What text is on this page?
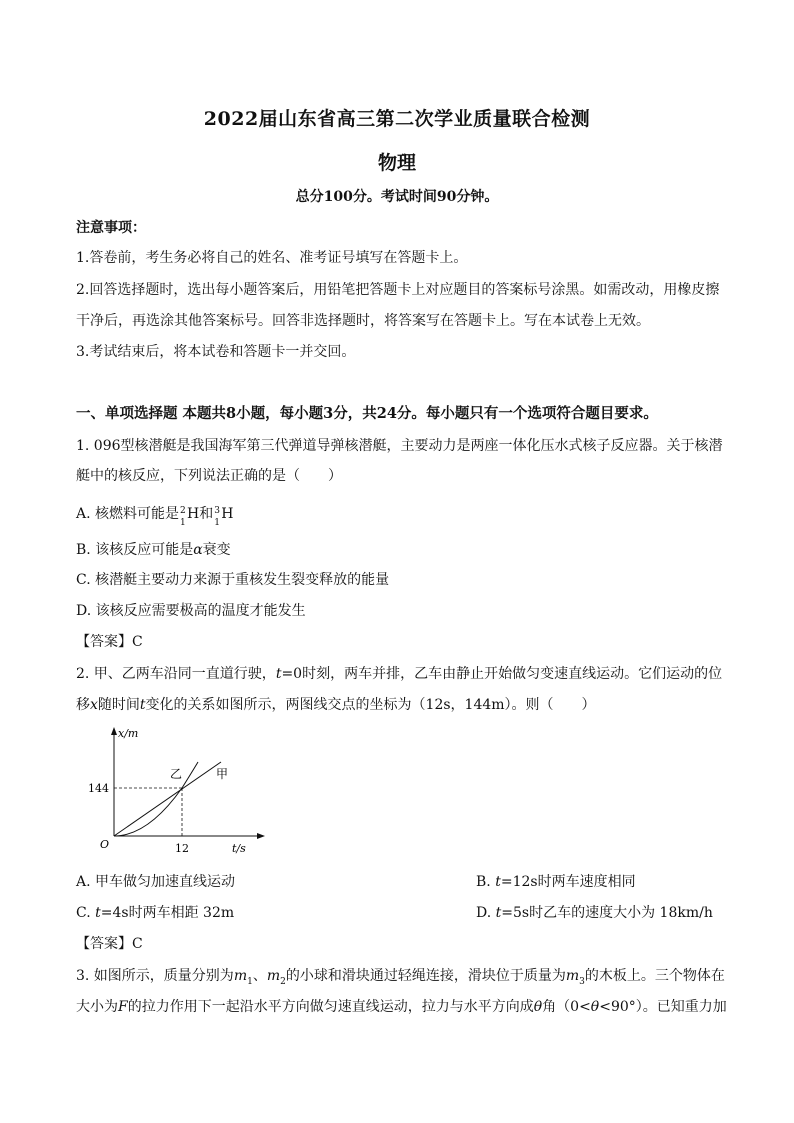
2022届山东省高三第二次学业质量联合检测
物理
总分100分。考试时间90分钟。
注意事项：
1.答卷前，考生务必将自己的姓名、准考证号填写在答题卡上。
2.回答选择题时，选出每小题答案后，用铅笔把答题卡上对应题目的答案标号涂黑。如需改动，用橡皮擦
干净后，再选涂其他答案标号。回答非选择题时，将答案写在答题卡上。写在本试卷上无效。
3.考试结束后，将本试卷和答题卡一并交回。
一、单项选择题 本题共8小题，每小题3分，共24分。每小题只有一个选项符合题目要求。
1. 096型核潜艇是我国海军第三代弹道导弹核潜艇，主要动力是两座一体化压水式核子反应器。关于核潜
艇中的核反应，下列说法正确的是（　　）
A. 核燃料可能是 2
1
H和 3
1
H
B. 该核反应可能是α衰变
C. 核潜艇主要动力来源于重核发生裂变释放的能量
D. 该核反应需要极高的温度才能发生
【答案】C
2. 甲、乙两车沿同一直道行驶，t=0时刻，两车并排，乙车由静止开始做匀变速直线运动。它们运动的位
移x随时间t变化的关系如图所示，两图线交点的坐标为（12s，144m）。则（　　）
x/m
t/s
O
144
12
乙	甲
A. 甲车做匀加速直线运动	B. t=12s时两车速度相同
C. t=4s时两车相距 32m	D. t=5s时乙车的速度大小为 18km/h
【答案】C
3. 如图所示，质量分别为$m_1$、$m_2$的小球和滑块通过轻绳连接，滑块位于质量为$m_3$的木板上。三个物体在
大小为F的拉力作用下一起沿水平方向做匀速直线运动，拉力与水平方向成θ角（0<θ<90°）。已知重力加
